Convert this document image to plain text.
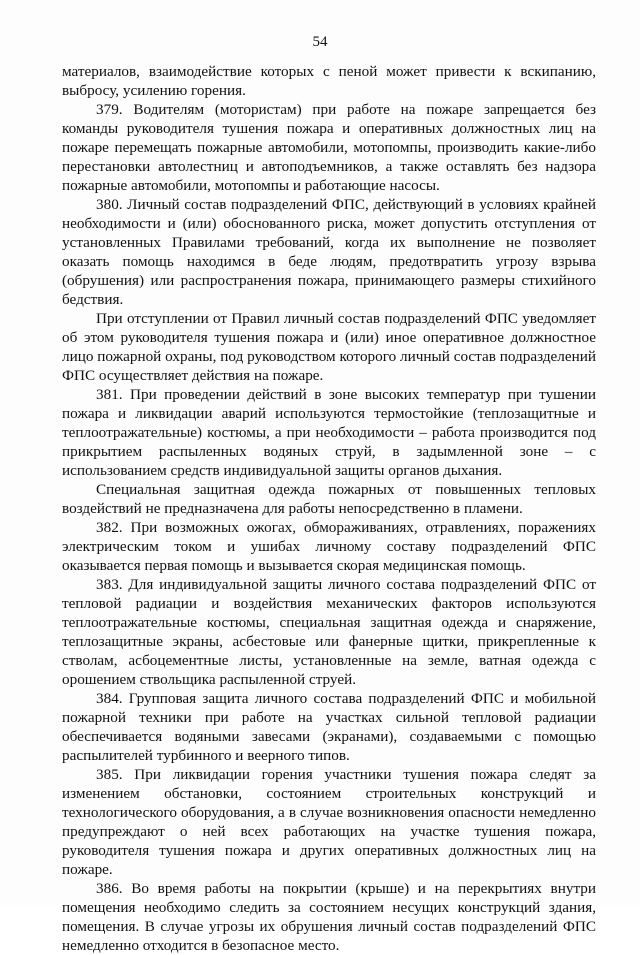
54

материалов, взаимодействие которых с пеной может привести к вскипанию, выбросу, усилению горения.

379. Водителям (мотористам) при работе на пожаре запрещается без команды руководителя тушения пожара и оперативных должностных лиц на пожаре перемещать пожарные автомобили, мотопомпы, производить какие-либо перестановки автолестниц и автоподъемников, а также оставлять без надзора пожарные автомобили, мотопомпы и работающие насосы.

380. Личный состав подразделений ФПС, действующий в условиях крайней необходимости и (или) обоснованного риска, может допустить отступления от установленных Правилами требований, когда их выполнение не позволяет оказать помощь находимся в беде людям, предотвратить угрозу взрыва (обрушения) или распространения пожара, принимающего размеры стихийного бедствия.

При отступлении от Правил личный состав подразделений ФПС уведомляет об этом руководителя тушения пожара и (или) иное оперативное должностное лицо пожарной охраны, под руководством которого личный состав подразделений ФПС осуществляет действия на пожаре.

381. При проведении действий в зоне высоких температур при тушении пожара и ликвидации аварий используются термостойкие (теплозащитные и теплоотражательные) костюмы, а при необходимости – работа производится под прикрытием распыленных водяных струй, в задымленной зоне – с использованием средств индивидуальной защиты органов дыхания.

Специальная защитная одежда пожарных от повышенных тепловых воздействий не предназначена для работы непосредственно в пламени.

382. При возможных ожогах, обмораживаниях, отравлениях, поражениях электрическим током и ушибах личному составу подразделений ФПС оказывается первая помощь и вызывается скорая медицинская помощь.

383. Для индивидуальной защиты личного состава подразделений ФПС от тепловой радиации и воздействия механических факторов используются теплоотражательные костюмы, специальная защитная одежда и снаряжение, теплозащитные экраны, асбестовые или фанерные щитки, прикрепленные к стволам, асбоцементные листы, установленные на земле, ватная одежда с орошением ствольщика распыленной струей.

384. Групповая защита личного состава подразделений ФПС и мобильной пожарной техники при работе на участках сильной тепловой радиации обеспечивается водяными завесами (экранами), создаваемыми с помощью распылителей турбинного и веерного типов.

385. При ликвидации горения участники тушения пожара следят за изменением обстановки, состоянием строительных конструкций и технологического оборудования, а в случае возникновения опасности немедленно предупреждают о ней всех работающих на участке тушения пожара, руководителя тушения пожара и других оперативных должностных лиц на пожаре.

386. Во время работы на покрытии (крыше) и на перекрытиях внутри помещения необходимо следить за состоянием несущих конструкций здания, помещения. В случае угрозы их обрушения личный состав подразделений ФПС немедленно отходится в безопасное место.
